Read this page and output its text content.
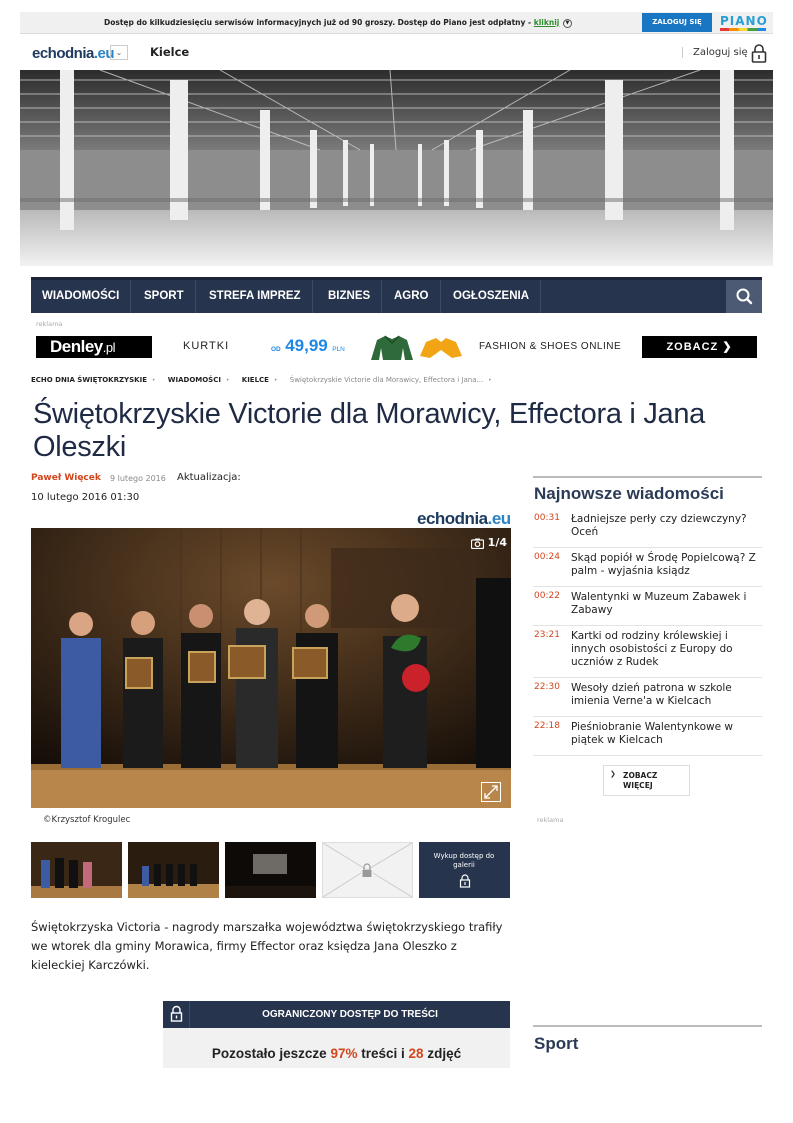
Dostęp do kilkudziesięciu serwisów informacyjnych już od 90 groszy. Dostęp do Piano jest odpłatny - kliknij ▼	ZALOGUJ SIĘ	PIANO
echodnia.eu ⌄	Kielce	Zaloguj się
WIADOMOŚCI	SPORT	STREFA IMPREZ	BIZNES	AGRO	OGŁOSZENIA
reklama
Denley.pl	KURTKI	OD 49,99 PLN	FASHION & SHOES ONLINE	ZOBACZ ❯
ECHO DNIA ŚWIĘTOKRZYSKIE ‣ WIADOMOŚCI ‣ KIELCE ‣ Świętokrzyskie Victorie dla Morawicy, Effectora i Jana... ‣
Świętokrzyskie Victorie dla Morawicy, Effectora i Jana Oleszki
Paweł Więcek 9 lutego 2016 Aktualizacja:
10 lutego 2016 01:30
echodnia.eu
1/4
©Krzysztof Krogulec
Wykup dostęp do galerii

Świętokrzyska Victoria - nagrody marszałka województwa świętokrzyskiego trafiły we wtorek dla gminy Morawica, firmy Effector oraz księdza Jana Oleszko z kieleckiej Karczówki.

OGRANICZONY DOSTĘP DO TREŚCI
Pozostało jeszcze 97% treści i 28 zdjęć
Najnowsze wiadomości
00:31 Ładniejsze perły czy dziewczyny? Oceń
00:24 Skąd popiół w Środę Popielcową? Z palm - wyjaśnia ksiądz
00:22 Walentynki w Muzeum Zabawek i Zabawy
23:21 Kartki od rodziny królewskiej i innych osobistości z Europy do uczniów z Rudek
22:30 Wesoły dzień patrona w szkole imienia Verne'a w Kielcach
22:18 Pieśniobranie Walentynkowe w piątek w Kielcach
❯ ZOBACZ WIĘCEJ
reklama
Sport
